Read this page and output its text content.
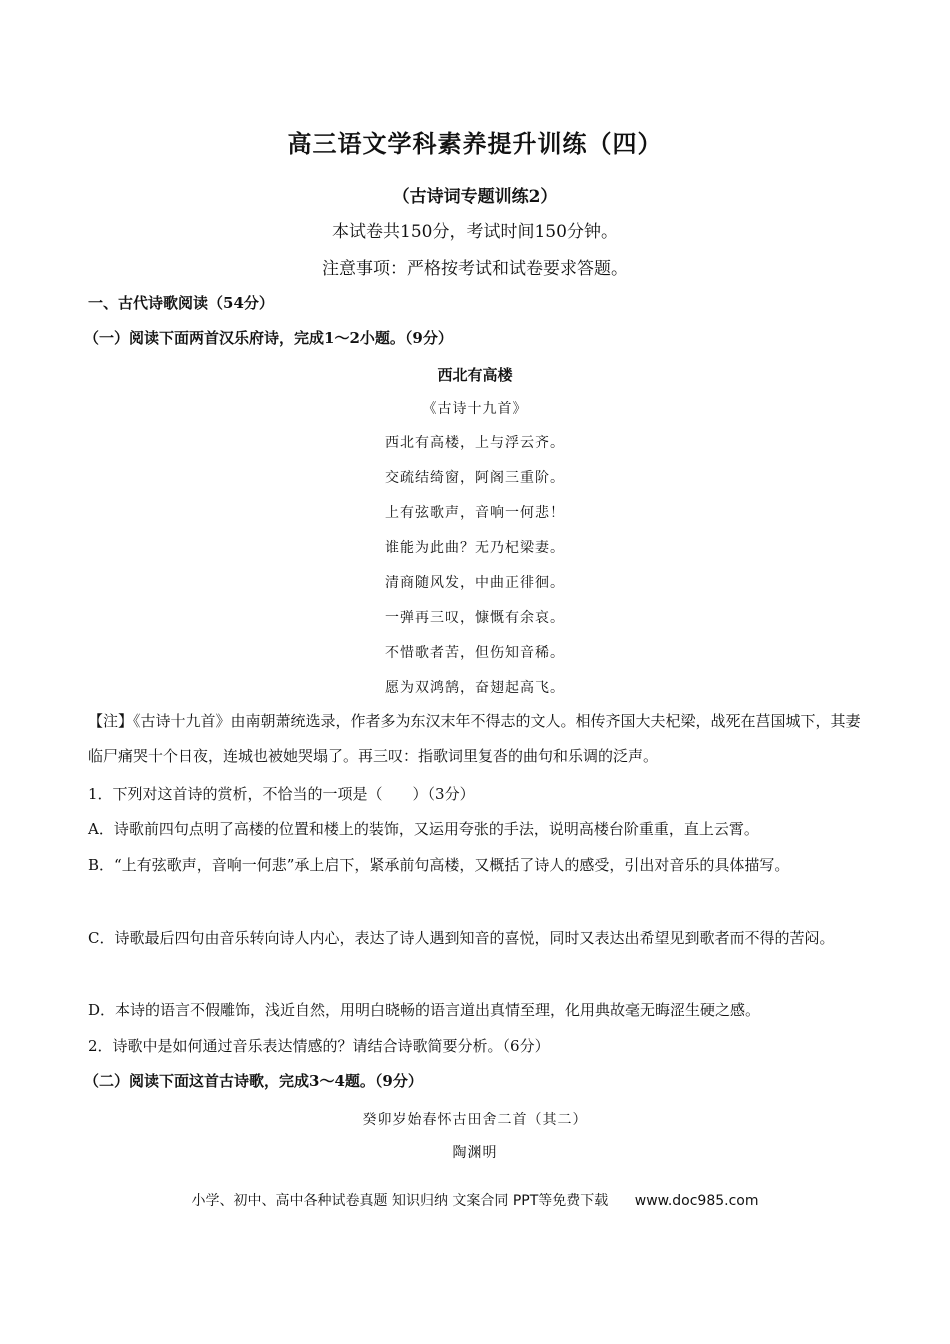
高三语文学科素养提升训练（四）
（古诗词专题训练2）
本试卷共150分，考试时间150分钟。
注意事项：严格按考试和试卷要求答题。
一、古代诗歌阅读（54分）
（一）阅读下面两首汉乐府诗，完成1～2小题。（9分）
西北有高楼
《古诗十九首》
西北有高楼，上与浮云齐。
交疏结绮窗，阿阁三重阶。
上有弦歌声，音响一何悲！
谁能为此曲？无乃杞梁妻。
清商随风发，中曲正徘徊。
一弹再三叹，慷慨有余哀。
不惜歌者苦，但伤知音稀。
愿为双鸿鹄，奋翅起高飞。
【注】《古诗十九首》由南朝萧统选录，作者多为东汉末年不得志的文人。相传齐国大夫杞梁，战死在莒国城下，其妻临尸痛哭十个日夜，连城也被她哭塌了。再三叹：指歌词里复沓的曲句和乐调的泛声。
1．下列对这首诗的赏析，不恰当的一项是（　　）（3分）
A．诗歌前四句点明了高楼的位置和楼上的装饰，又运用夸张的手法，说明高楼台阶重重，直上云霄。
B．“上有弦歌声，音响一何悲”承上启下，紧承前句高楼，又概括了诗人的感受，引出对音乐的具体描写。
C．诗歌最后四句由音乐转向诗人内心，表达了诗人遇到知音的喜悦，同时又表达出希望见到歌者而不得的苦闷。
D．本诗的语言不假雕饰，浅近自然，用明白晓畅的语言道出真情至理，化用典故毫无晦涩生硬之感。
2．诗歌中是如何通过音乐表达情感的？请结合诗歌简要分析。（6分）
（二）阅读下面这首古诗歌，完成3～4题。（9分）
癸卯岁始春怀古田舍二首（其二）
陶渊明
小学、初中、高中各种试卷真题 知识归纳 文案合同 PPT等免费下载 www.doc985.com
